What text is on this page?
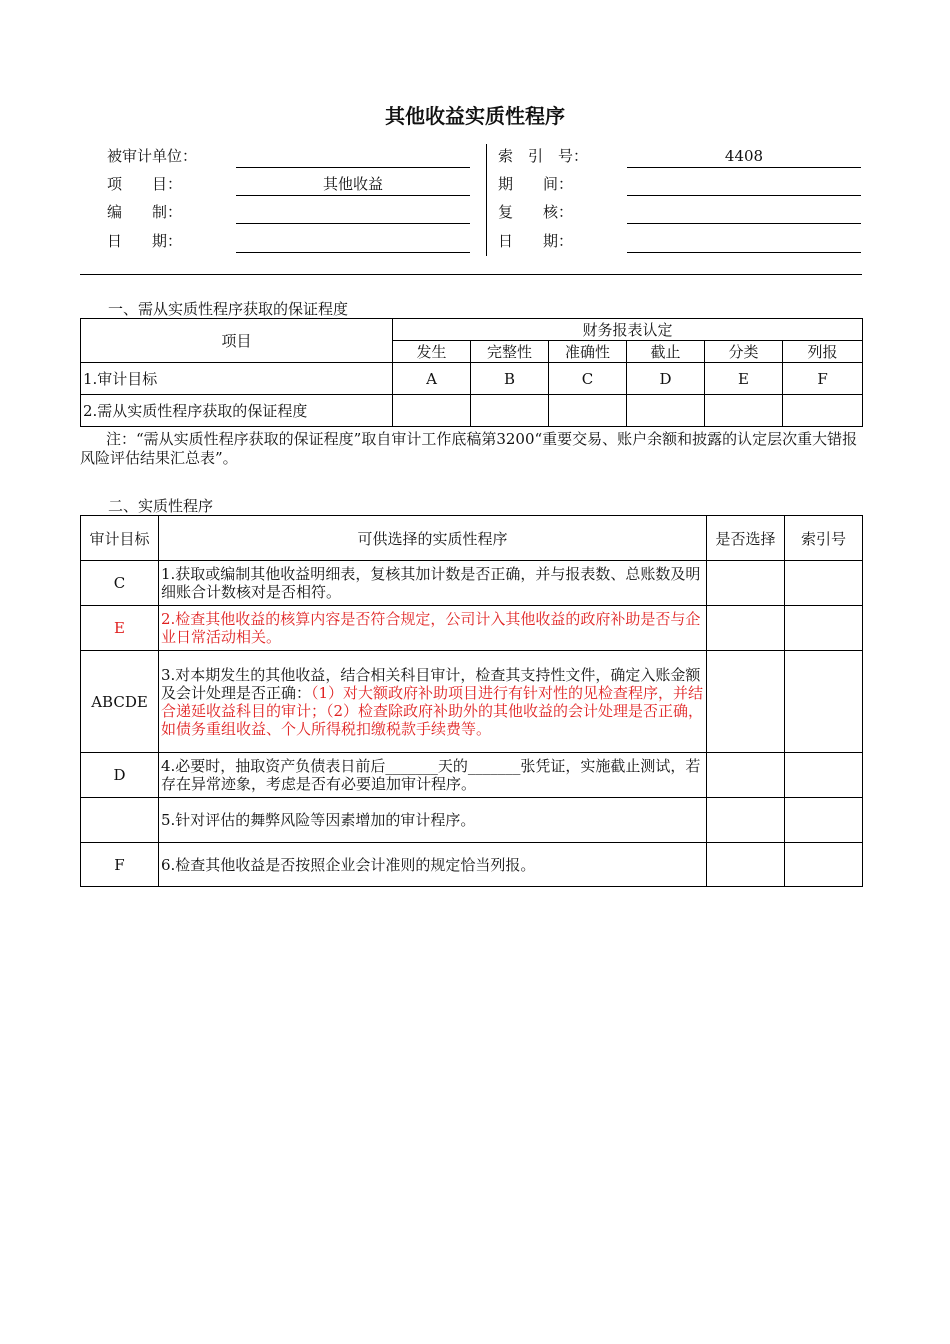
其他收益实质性程序
被审计单位：
项　　目：	其他收益
编　　制：
日　　期：
索　引　号：	4408
期　　间：
复　　核：
日　　期：
一、需从实质性程序获取的保证程度
项目	财务报表认定					
	发生	完整性	准确性	截止	分类	列报
1.审计目标	A	B	C	D	E	F
2.需从实质性程序获取的保证程度						
注：“需从实质性程序获取的保证程度”取自审计工作底稿第3200“重要交易、账户余额和披露的认定层次重大错报风险评估结果汇总表”。
二、实质性程序
审计目标	可供选择的实质性程序	是否选择	索引号
C	1.获取或编制其他收益明细表，复核其加计数是否正确，并与报表数、总账数及明细账合计数核对是否相符。		
E	2.检查其他收益的核算内容是否符合规定，公司计入其他收益的政府补助是否与企业日常活动相关。		
ABCDE	3.对本期发生的其他收益，结合相关科目审计，检查其支持性文件，确定入账金额及会计处理是否正确：（1）对大额政府补助项目进行有针对性的见检查程序，并结合递延收益科目的审计；（2）检查除政府补助外的其他收益的会计处理是否正确，如债务重组收益、个人所得税扣缴税款手续费等。		
D	4.必要时，抽取资产负债表日前后_______天的_______张凭证，实施截止测试，若存在异常迹象，考虑是否有必要追加审计程序。		
	5.针对评估的舞弊风险等因素增加的审计程序。		
F	6.检查其他收益是否按照企业会计准则的规定恰当列报。		
